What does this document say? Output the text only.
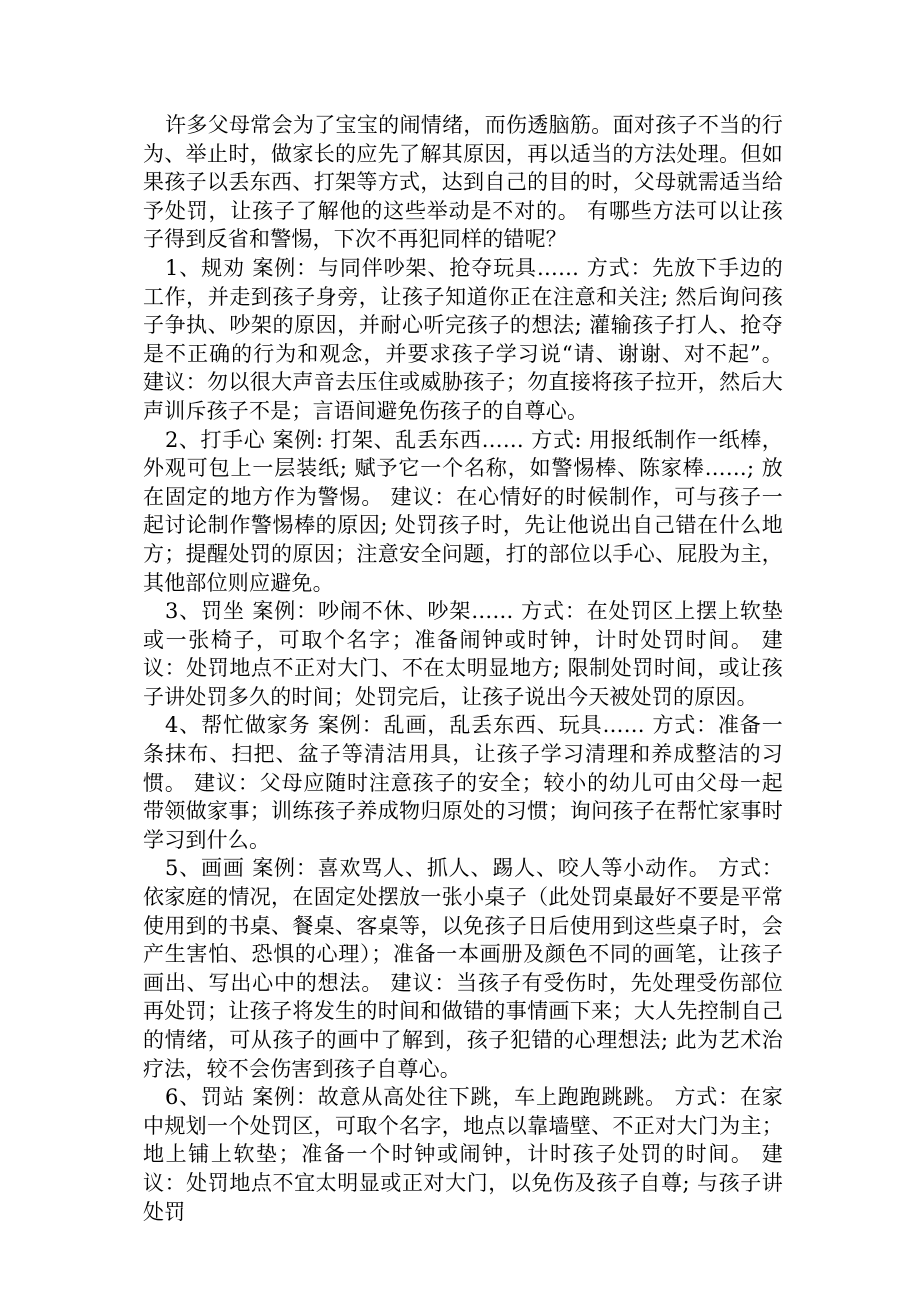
许多父母常会为了宝宝的闹情绪，而伤透脑筋。面对孩子不当的行为、举止时，做家长的应先了解其原因，再以适当的方法处理。但如果孩子以丢东西、打架等方式，达到自己的目的时，父母就需适当给予处罚，让孩子了解他的这些举动是不对的。 有哪些方法可以让孩子得到反省和警惕，下次不再犯同样的错呢？

1、规劝 案例：与同伴吵架、抢夺玩具…… 方式：先放下手边的工作，并走到孩子身旁，让孩子知道你正在注意和关注; 然后询问孩子争执、吵架的原因，并耐心听完孩子的想法; 灌输孩子打人、抢夺是不正确的行为和观念，并要求孩子学习说“请、谢谢、对不起”。 建议：勿以很大声音去压住或威胁孩子；勿直接将孩子拉开，然后大声训斥孩子不是；言语间避免伤孩子的自尊心。

2、打手心 案例: 打架、乱丢东西…… 方式: 用报纸制作一纸棒，外观可包上一层装纸; 赋予它一个名称，如警惕棒、陈家棒……; 放在固定的地方作为警惕。 建议：在心情好的时候制作，可与孩子一起讨论制作警惕棒的原因; 处罚孩子时，先让他说出自己错在什么地方；提醒处罚的原因；注意安全问题，打的部位以手心、屁股为主，其他部位则应避免。

3、罚坐 案例：吵闹不休、吵架…… 方式：在处罚区上摆上软垫或一张椅子，可取个名字；准备闹钟或时钟，计时处罚时间。 建议：处罚地点不正对大门、不在太明显地方; 限制处罚时间，或让孩子讲处罚多久的时间；处罚完后，让孩子说出今天被处罚的原因。

4、帮忙做家务 案例：乱画，乱丢东西、玩具…… 方式：准备一条抹布、扫把、盆子等清洁用具，让孩子学习清理和养成整洁的习惯。 建议：父母应随时注意孩子的安全；较小的幼儿可由父母一起带领做家事；训练孩子养成物归原处的习惯；询问孩子在帮忙家事时学习到什么。

5、画画 案例：喜欢骂人、抓人、踢人、咬人等小动作。 方式：依家庭的情况，在固定处摆放一张小桌子（此处罚桌最好不要是平常使用到的书桌、餐桌、客桌等，以免孩子日后使用到这些桌子时，会产生害怕、恐惧的心理）；准备一本画册及颜色不同的画笔，让孩子画出、写出心中的想法。 建议：当孩子有受伤时，先处理受伤部位再处罚；让孩子将发生的时间和做错的事情画下来；大人先控制自己的情绪，可从孩子的画中了解到，孩子犯错的心理想法; 此为艺术治疗法，较不会伤害到孩子自尊心。

6、罚站 案例：故意从高处往下跳，车上跑跑跳跳。 方式：在家中规划一个处罚区，可取个名字，地点以靠墙壁、不正对大门为主；地上铺上软垫；准备一个时钟或闹钟，计时孩子处罚的时间。 建议：处罚地点不宜太明显或正对大门，以免伤及孩子自尊; 与孩子讲处罚
